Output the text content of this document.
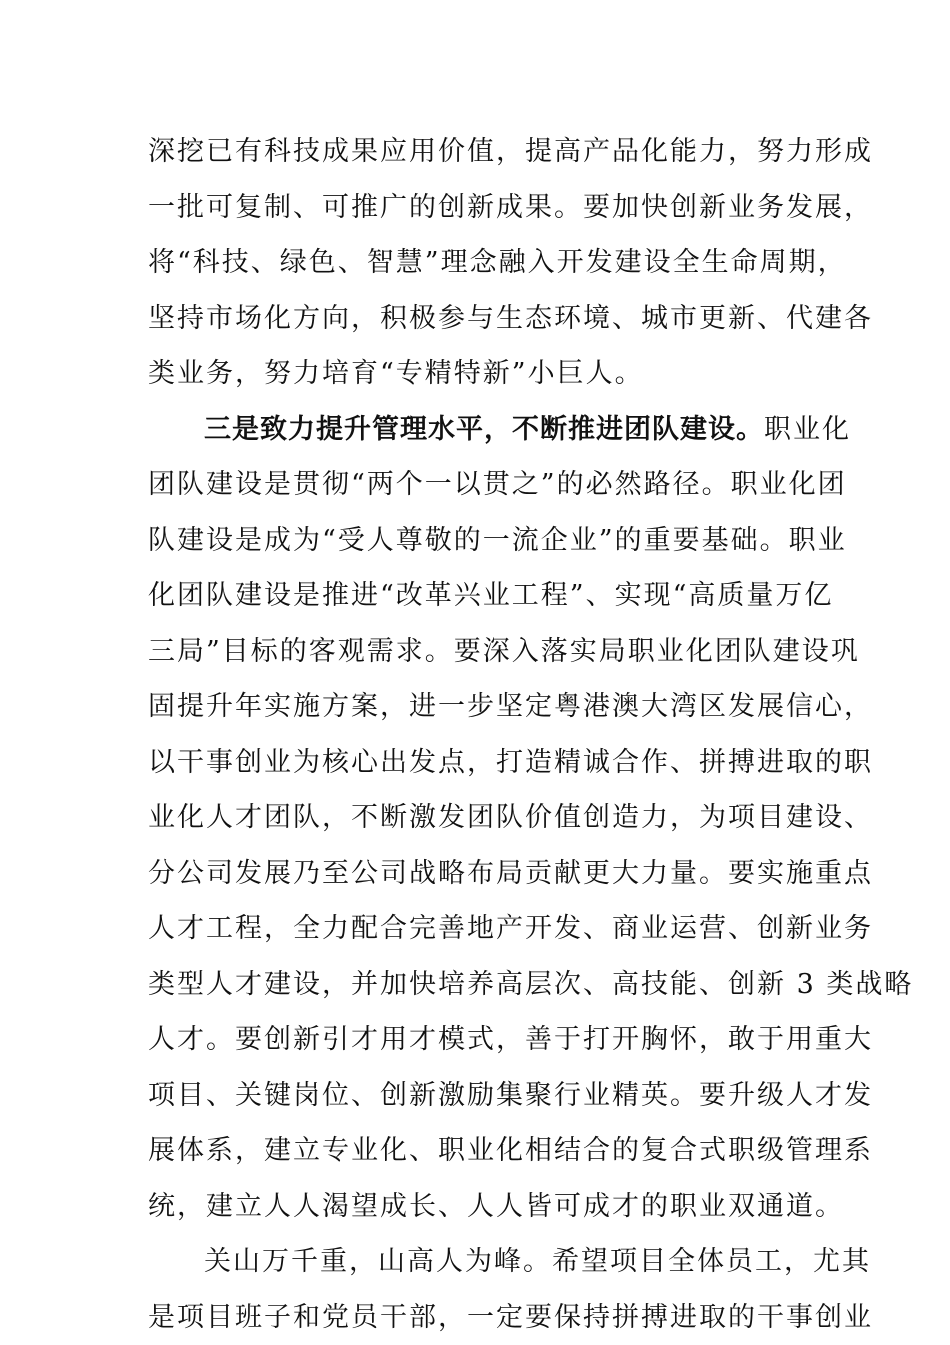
深挖已有科技成果应用价值，提高产品化能力，努力形成
一批可复制、可推广的创新成果。要加快创新业务发展，
将“科技、绿色、智慧”理念融入开发建设全生命周期，
坚持市场化方向，积极参与生态环境、城市更新、代建各
类业务，努力培育“专精特新”小巨人。
三是致力提升管理水平，不断推进团队建设。职业化
团队建设是贯彻“两个一以贯之”的必然路径。职业化团
队建设是成为“受人尊敬的一流企业”的重要基础。职业
化团队建设是推进“改革兴业工程”、实现“高质量万亿
三局”目标的客观需求。要深入落实局职业化团队建设巩
固提升年实施方案，进一步坚定粤港澳大湾区发展信心，
以干事创业为核心出发点，打造精诚合作、拼搏进取的职
业化人才团队，不断激发团队价值创造力，为项目建设、
分公司发展乃至公司战略布局贡献更大力量。要实施重点
人才工程，全力配合完善地产开发、商业运营、创新业务
类型人才建设，并加快培养高层次、高技能、创新 3 类战略
人才。要创新引才用才模式，善于打开胸怀，敢于用重大
项目、关键岗位、创新激励集聚行业精英。要升级人才发
展体系，建立专业化、职业化相结合的复合式职级管理系
统，建立人人渴望成长、人人皆可成才的职业双通道。
关山万千重，山高人为峰。希望项目全体员工，尤其
是项目班子和党员干部，一定要保持拼搏进取的干事创业
